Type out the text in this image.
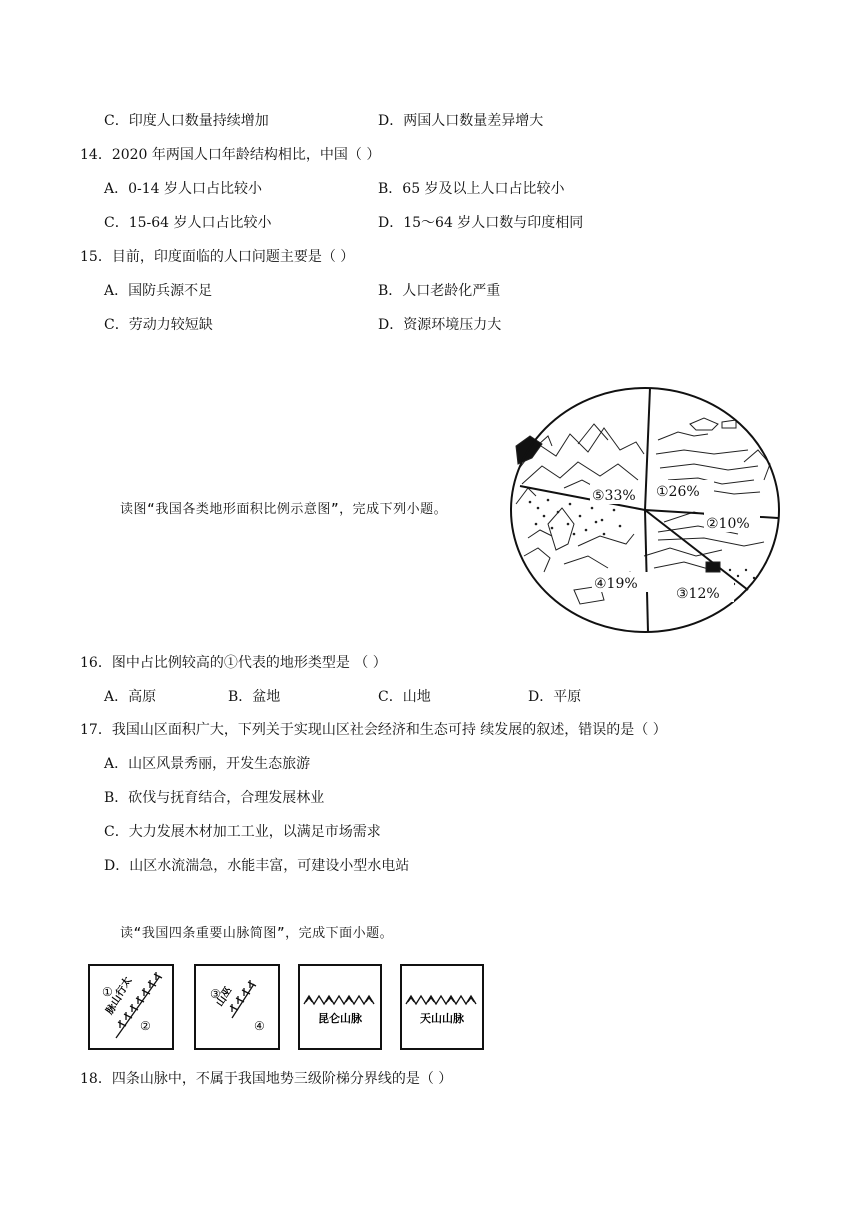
C．印度人口数量持续增加	D．两国人口数量差异增大
14．2020 年两国人口年龄结构相比，中国（ ）
A．0-14 岁人口占比较小	B．65 岁及以上人口占比较小
C．15-64 岁人口占比较小	D．15～64 岁人口数与印度相同
15．目前，印度面临的人口问题主要是（ ）
A．国防兵源不足	B．人口老龄化严重
C．劳动力较短缺	D．资源环境压力大
读图“我国各类地形面积比例示意图”，完成下列小题。
⑤33% ①26%
②10%
③12%
④19%
16．图中占比例较高的①代表的地形类型是 （ ）
A．高原	B．盆地	C．山地	D．平原
17．我国山区面积广大，下列关于实现山区社会经济和生态可持 续发展的叙述，错误的是（ ）
A．山区风景秀丽，开发生态旅游
B．砍伐与抚育结合，合理发展林业
C．大力发展木材加工工业，以满足市场需求
D．山区水流湍急，水能丰富，可建设小型水电站
读“我国四条重要山脉简图”，完成下面小题。
①
②
太
行
山
脉
③
④
巫
山
昆仑山脉	天山山脉
18．四条山脉中，不属于我国地势三级阶梯分界线的是（ ）
